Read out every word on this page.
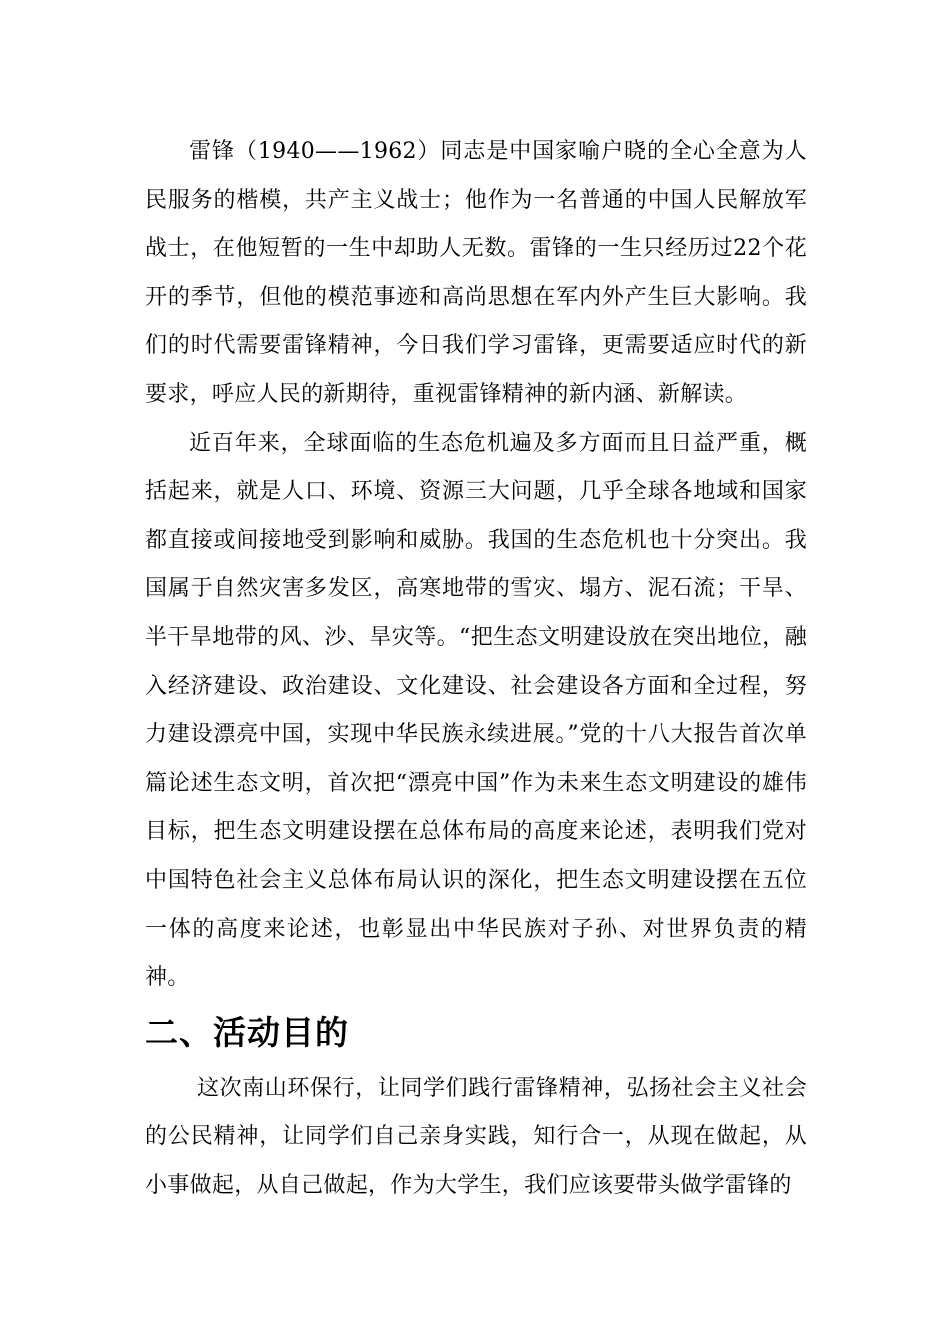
雷锋（1940——1962）同志是中国家喻户晓的全心全意为人民服务的楷模，共产主义战士；他作为一名普通的中国人民解放军战士，在他短暂的一生中却助人无数。雷锋的一生只经历过22个花开的季节，但他的模范事迹和高尚思想在军内外产生巨大影响。我们的时代需要雷锋精神，今日我们学习雷锋，更需要适应时代的新要求，呼应人民的新期待，重视雷锋精神的新内涵、新解读。

近百年来，全球面临的生态危机遍及多方面而且日益严重，概括起来，就是人口、环境、资源三大问题，几乎全球各地域和国家都直接或间接地受到影响和威胁。我国的生态危机也十分突出。我国属于自然灾害多发区，高寒地带的雪灾、塌方、泥石流；干旱、半干旱地带的风、沙、旱灾等。“把生态文明建设放在突出地位，融入经济建设、政治建设、文化建设、社会建设各方面和全过程，努力建设漂亮中国，实现中华民族永续进展。”党的十八大报告首次单篇论述生态文明，首次把“漂亮中国”作为未来生态文明建设的雄伟目标，把生态文明建设摆在总体布局的高度来论述，表明我们党对中国特色社会主义总体布局认识的深化，把生态文明建设摆在五位一体的高度来论述，也彰显出中华民族对子孙、对世界负责的精神。

二、活动目的

这次南山环保行，让同学们践行雷锋精神，弘扬社会主义社会的公民精神，让同学们自己亲身实践，知行合一，从现在做起，从小事做起，从自己做起，作为大学生，我们应该要带头做学雷锋的
